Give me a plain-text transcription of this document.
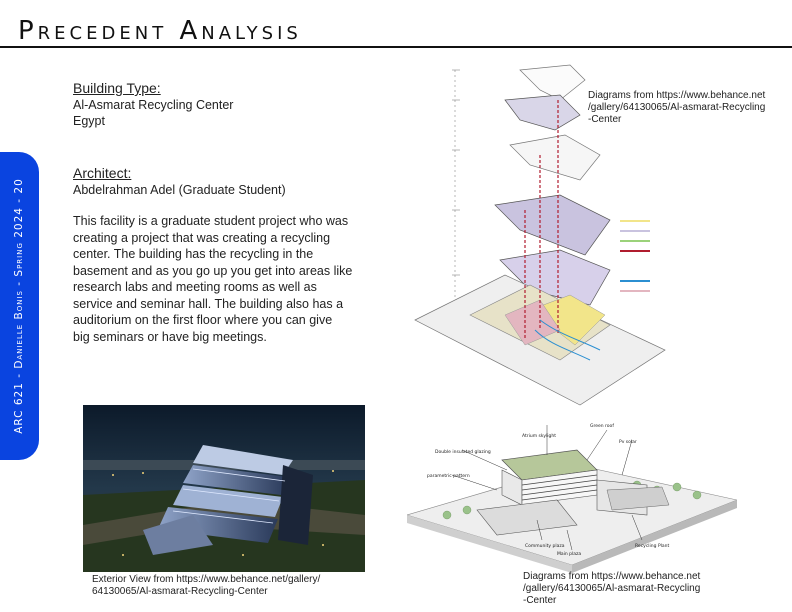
Precedent Analysis
ARC 621 - Danielle Bonis - Spring 2024 - 20
Building Type:
Al-Asmarat Recycling Center
Egypt
Architect:
Abdelrahman Adel (Graduate Student)
This facility is a graduate student project who was
creating a project that was creating a recycling
center. The building has the recycling in the
basement and as you go up you get into areas like
research labs and meeting rooms as well as
service and seminar hall. The building also has a
auditorium on the first floor where you can give
big seminars or have big meetings.
Diagrams from https://www.behance.net
/gallery/64130065/Al-asmarat-Recycling
-Center
Exterior View from https://www.behance.net/gallery/
64130065/Al-asmarat-Recycling-Center
Green roof
Pv solar
Atrium skylight
Double insulated glazing
parametric pattern
Community plaza
Main plaza
Recycling Plant
Diagrams from https://www.behance.net
/gallery/64130065/Al-asmarat-Recycling
-Center
